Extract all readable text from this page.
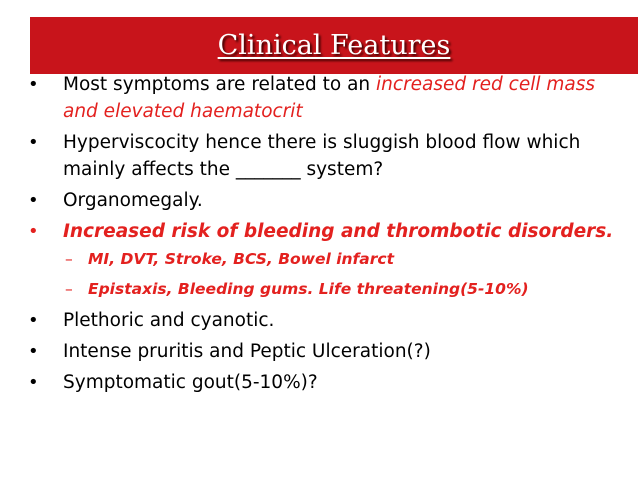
Clinical Features
• Most symptoms are related to an increased red cell mass and elevated haematocrit
• Hyperviscocity hence there is sluggish blood flow which mainly affects the _______ system?
• Organomegaly.
• Increased risk of bleeding and thrombotic disorders.
– MI, DVT, Stroke, BCS, Bowel infarct
– Epistaxis, Bleeding gums. Life threatening(5-10%)
• Plethoric and cyanotic.
• Intense pruritis and Peptic Ulceration(?)
• Symptomatic gout(5-10%)?
